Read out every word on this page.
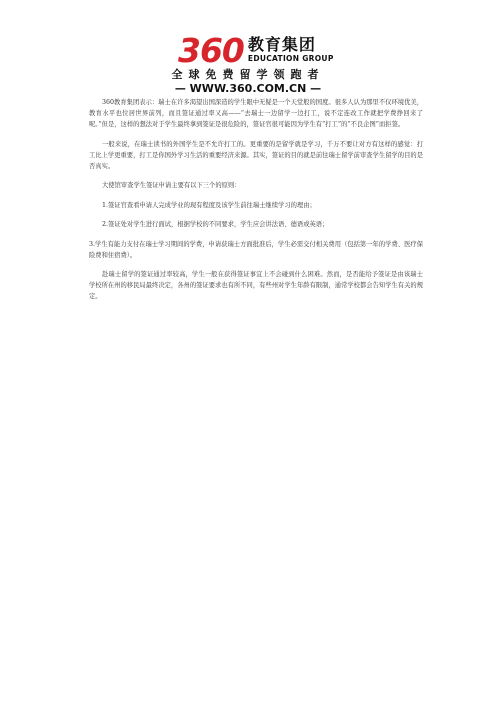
360 教育集团
EDUCATION GROUP
全球免费留学领跑者
— WWW.360.COM.CN —

360教育集团表示：瑞士在许多渴望出国深造的学生眼中无疑是一个天堂般的国度。很多人认为那里不仅环境优美，教育水平也位居世界前列，而且签证通过率又高——“去瑞士一边留学一边打工，说不定连改工作就把学费挣回来了呢。”但是，这样的想法对于学生最终拿到签证是很危险的，签证官很可能因为学生有“打工”的“不良企图”而拒签。

一般来说，在瑞士读书的外国学生是不允许打工的。更重要的是留学就是学习，千万不要让对方有这样的感觉：打工比上学更重要，打工是你国外学习生活的重要经济来源。其实，签证的目的就是前往瑞士留学前审查学生留学的目的是否真实。

大使馆审查学生签证申请主要有以下三个的原则：

1.签证官查看申请人完成学业的现有程度及该学生前往瑞士继续学习的理由；

2.签证处对学生进行面试，根据学校的不同要求，学生应会讲法语、德语或英语；

3.学生有能力支付在瑞士学习期间的学费，申请获瑞士方面批准后，学生必需交付相关费用（包括第一年的学费、医疗保险费和住宿费）。

赴瑞士留学的签证通过率较高，学生一般在获得签证事宜上不会碰到什么困难。然而，是否能给予签证是由该瑞士学校所在州的移民局最终决定，各州的签证要求也有所不同，有些州对学生年龄有限制，通常学校都会告知学生有关的规定。
